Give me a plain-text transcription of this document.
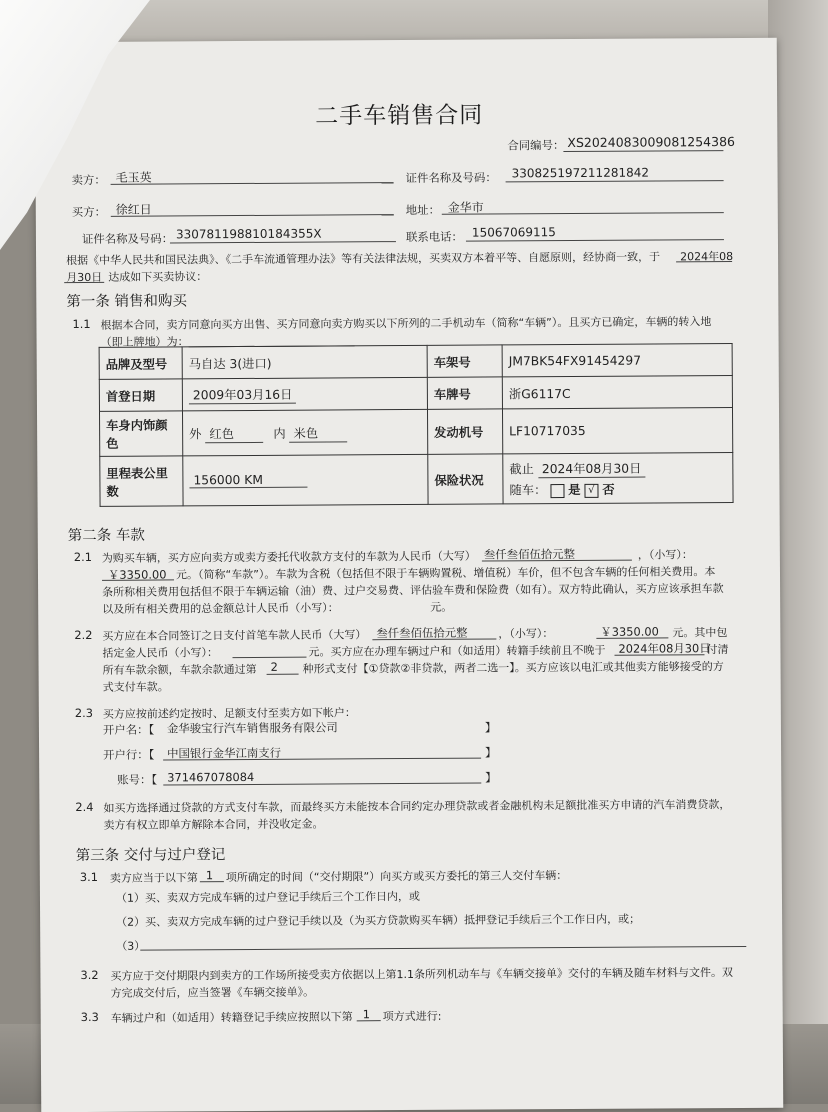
二手车销售合同
合同编号： XS2024083009081254386
卖方： 毛玉英	证件名称及号码： 330825197211281842
买方： 徐红日	地址： 金华市
证件名称及号码： 330781198810184355X	联系电话： 15067069115
根据《中华人民共和国民法典》、《二手车流通管理办法》等有关法律法规，买卖双方本着平等、自愿原则，经协商一致，于 2024年08
月30日 达成如下买卖协议：
第一条 销售和购买
1.1 根据本合同，卖方同意向买方出售、买方同意向卖方购买以下所列的二手机动车（简称“车辆”）。且买方已确定，车辆的转入地
（即上牌地）为：
品牌及型号	马自达 3(进口)	车架号	JM7BK54FX91454297
首登日期	2009年03月16日	车牌号	浙G6117C
车身内饰颜色	外 红色 内 米色	发动机号	LF10717035
里程表公里数	156000 KM	保险状况	截止 2024年08月30日
随车： 是 √ 否
第二条 车款
2.1 为购买车辆，买方应向卖方或卖方委托代收款方支付的车款为人民币（大写） 叁仟叁佰伍拾元整	，（小写）：
￥3350.00 元。（简称“车款”）。车款为含税（包括但不限于车辆购置税、增值税）车价，但不包含车辆的任何相关费用。本
条所称相关费用包括但不限于车辆运输（油）费、过户交易费、评估验车费和保险费（如有）。双方特此确认，买方应该承担车款
以及所有相关费用的总金额总计人民币（小写）：	元。
2.2 买方应在本合同签订之日支付首笔车款人民币（大写） 叁仟叁佰伍拾元整	，（小写）：	￥3350.00 元。其中包
括定金人民币（小写）：	元。买方应在办理车辆过户和（如适用）转籍手续前且不晚于 2024年08月30日
付清
所有车款余额，车款余款通过第 2 种形式支付【①贷款②非贷款，两者二选一】。买方应该以电汇或其他卖方能够接受的方
式支付车款。
2.3 买方应按前述约定按时、足额支付至卖方如下帐户：
开户名：【 金华骏宝行汽车销售服务有限公司	】
开户行：【 中国银行金华江南支行	】
账号：【 371467078084	】
2.4 如买方选择通过贷款的方式支付车款，而最终买方未能按本合同约定办理贷款或者金融机构未足额批准买方申请的汽车消费贷款，
卖方有权立即单方解除本合同，并没收定金。
第三条 交付与过户登记
3.1 卖方应当于以下第 1 项所确定的时间（“交付期限”）向买方或买方委托的第三人交付车辆：
（1）买、卖双方完成车辆的过户登记手续后三个工作日内，或
（2）买、卖双方完成车辆的过户登记手续以及（为买方贷款购买车辆）抵押登记手续后三个工作日内，或；
（3）
3.2 买方应于交付期限内到卖方的工作场所接受卖方依据以上第1.1条所列机动车与《车辆交接单》交付的车辆及随车材料与文件。双
方完成交付后，应当签署《车辆交接单》。
3.3 车辆过户和（如适用）转籍登记手续应按照以下第 1 项方式进行:
